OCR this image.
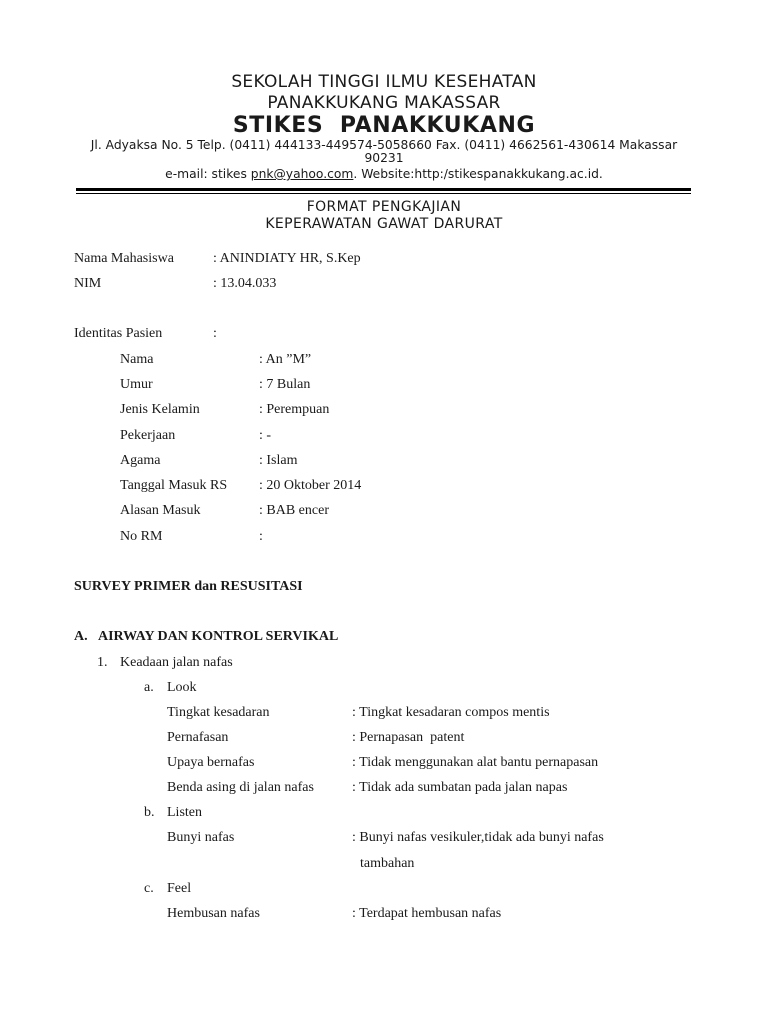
SEKOLAH TINGGI ILMU KESEHATAN
PANAKKUKANG MAKASSAR
STIKES  PANAKKUKANG
Jl. Adyaksa No. 5 Telp. (0411) 444133-449574-5058660 Fax. (0411) 4662561-430614 Makassar 90231
e-mail: stikes pnk@yahoo.com. Website:http:/stikespanakkukang.ac.id.
FORMAT PENGKAJIAN
KEPERAWATAN GAWAT DARURAT
Nama Mahasiswa	: ANINDIATY HR, S.Kep
NIM	: 13.04.033
Identitas Pasien	:
Nama	: An ”M”
Umur	: 7 Bulan
Jenis Kelamin	: Perempuan
Pekerjaan	: -
Agama	: Islam
Tanggal Masuk RS : 20 Oktober 2014
Alasan Masuk	: BAB encer
No RM	:
SURVEY PRIMER dan RESUSITASI
A. AIRWAY DAN KONTROL SERVIKAL
1. Keadaan jalan nafas
a. Look
Tingkat kesadaran	: Tingkat kesadaran compos mentis
Pernafasan	: Pernapasan  patent
Upaya bernafas	: Tidak menggunakan alat bantu pernapasan
Benda asing di jalan nafas	: Tidak ada sumbatan pada jalan napas
b. Listen
Bunyi nafas	: Bunyi nafas vesikuler,tidak ada bunyi nafas
tambahan
c. Feel
Hembusan nafas	: Terdapat hembusan nafas
